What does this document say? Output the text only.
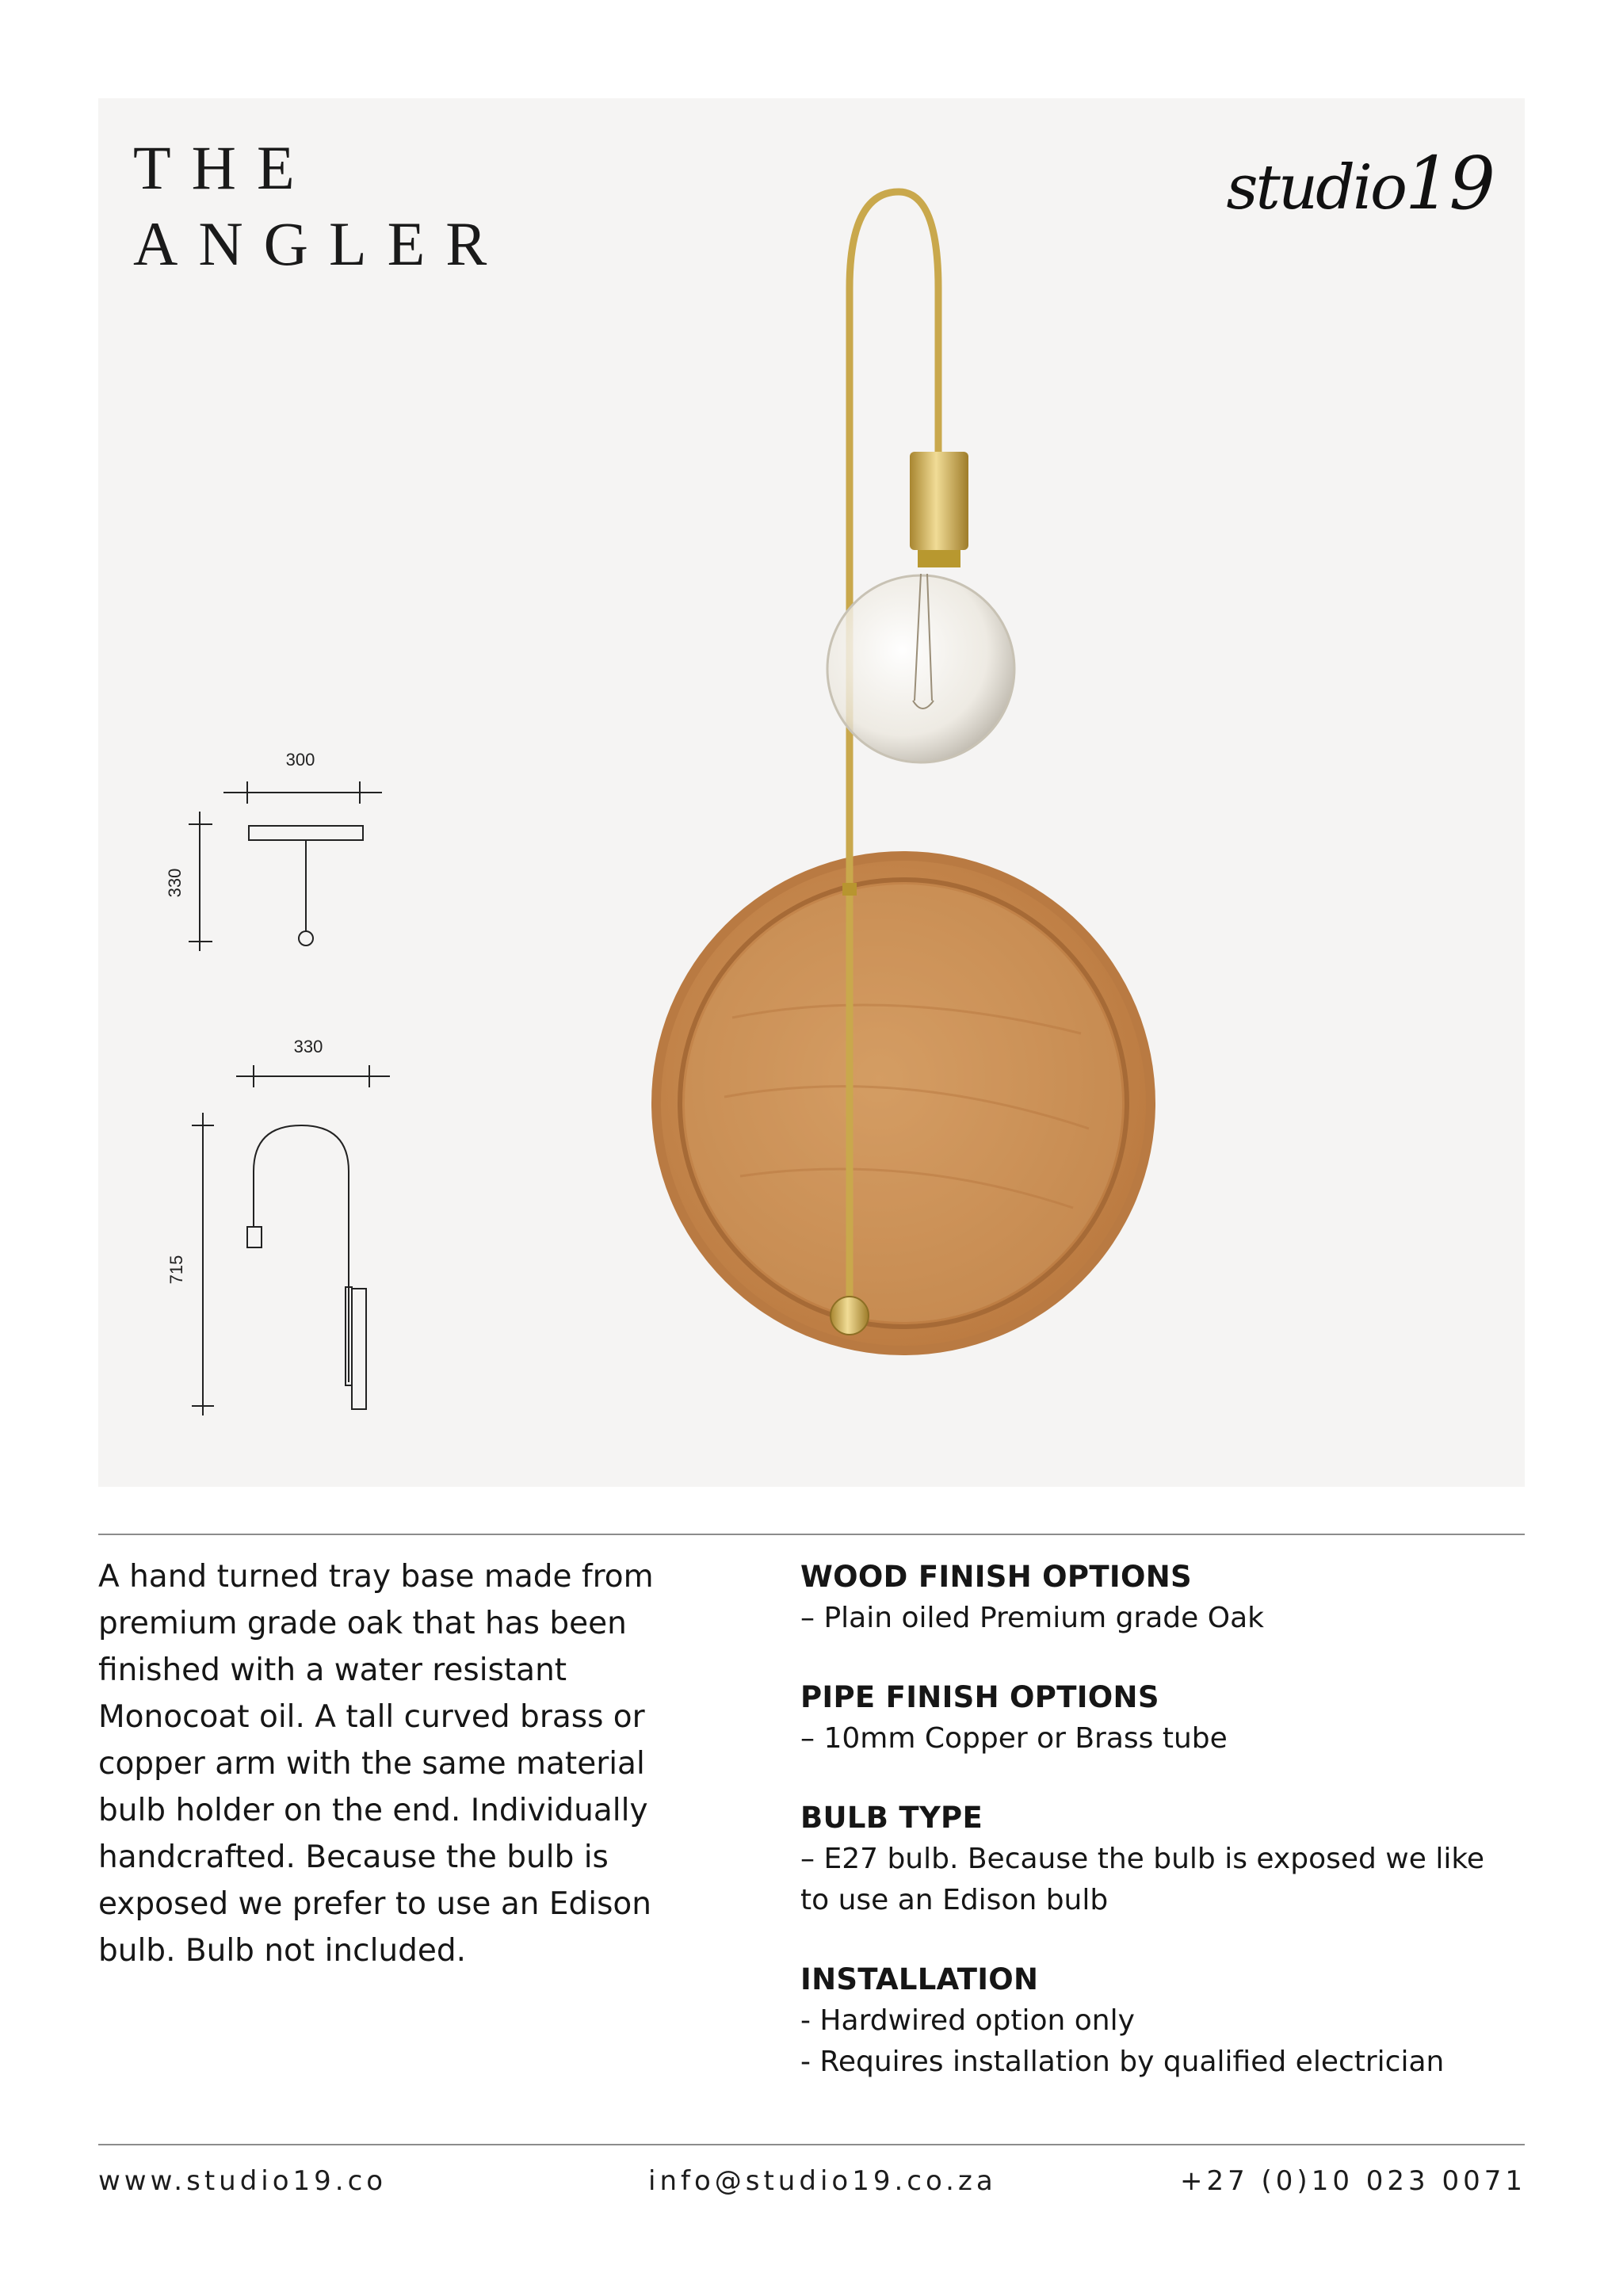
THE
ANGLER
studio19
300
330
330
715
A hand turned tray base made from premium grade oak that has been finished with a water resistant Monocoat oil. A tall curved brass or copper arm with the same material bulb holder on the end. Individually handcrafted. Because the bulb is exposed we prefer to use an Edison bulb. Bulb not included.
WOOD FINISH OPTIONS

– Plain oiled Premium grade Oak

PIPE FINISH OPTIONS

– 10mm Copper or Brass tube

BULB TYPE

– E27 bulb. Because the bulb is exposed we like

to use an Edison bulb

INSTALLATION

- Hardwired option only

- Requires installation by qualified electrician

www.studio19.co	info@studio19.co.za	+27 (0)10 023 0071
